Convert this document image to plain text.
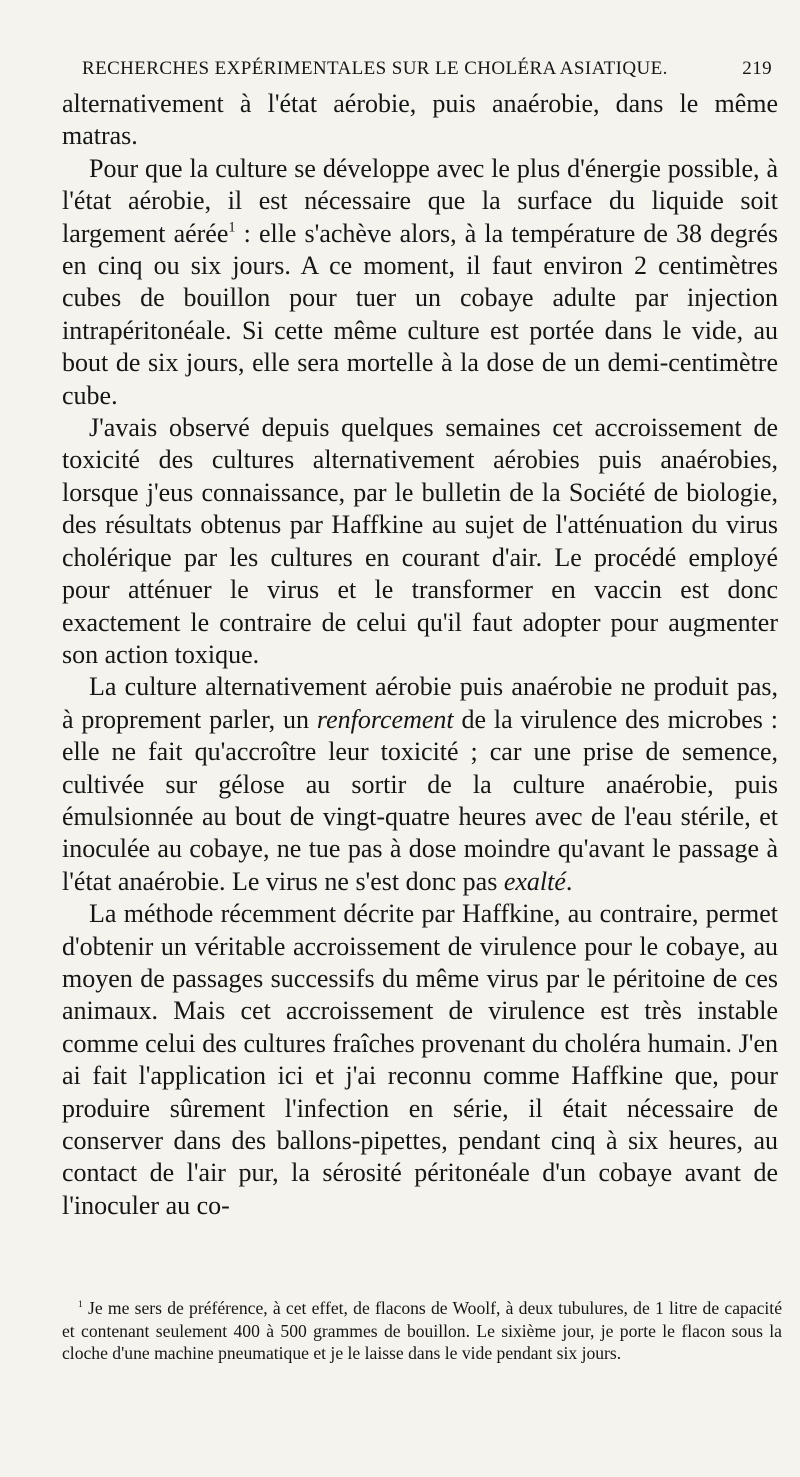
RECHERCHES EXPÉRIMENTALES SUR LE CHOLÉRA ASIATIQUE.	219

alternativement à l'état aérobie, puis anaérobie, dans le même matras.

Pour que la culture se développe avec le plus d'énergie possible, à l'état aérobie, il est nécessaire que la surface du liquide soit largement aérée$^1$ : elle s'achève alors, à la température de 38 degrés en cinq ou six jours. A ce moment, il faut environ 2 centimètres cubes de bouillon pour tuer un cobaye adulte par injection intrapéritonéale. Si cette même culture est portée dans le vide, au bout de six jours, elle sera mortelle à la dose de un demi-centimètre cube.

J'avais observé depuis quelques semaines cet accroissement de toxicité des cultures alternativement aérobies puis anaérobies, lorsque j'eus connaissance, par le bulletin de la Société de biologie, des résultats obtenus par Haffkine au sujet de l'atténuation du virus cholérique par les cultures en courant d'air. Le procédé employé pour atténuer le virus et le transformer en vaccin est donc exactement le contraire de celui qu'il faut adopter pour augmenter son action toxique.

La culture alternativement aérobie puis anaérobie ne produit pas, à proprement parler, un renforcement de la virulence des microbes : elle ne fait qu'accroître leur toxicité ; car une prise de semence, cultivée sur gélose au sortir de la culture anaérobie, puis émulsionnée au bout de vingt-quatre heures avec de l'eau stérile, et inoculée au cobaye, ne tue pas à dose moindre qu'avant le passage à l'état anaérobie. Le virus ne s'est donc pas exalté.

La méthode récemment décrite par Haffkine, au contraire, permet d'obtenir un véritable accroissement de virulence pour le cobaye, au moyen de passages successifs du même virus par le péritoine de ces animaux. Mais cet accroissement de virulence est très instable comme celui des cultures fraîches provenant du choléra humain. J'en ai fait l'application ici et j'ai reconnu comme Haffkine que, pour produire sûrement l'infection en série, il était nécessaire de conserver dans des ballons-pipettes, pendant cinq à six heures, au contact de l'air pur, la sérosité péritonéale d'un cobaye avant de l'inoculer au co-

$^1$ Je me sers de préférence, à cet effet, de flacons de Woolf, à deux tubulures, de 1 litre de capacité et contenant seulement 400 à 500 grammes de bouillon. Le sixième jour, je porte le flacon sous la cloche d'une machine pneumatique et je le laisse dans le vide pendant six jours.
